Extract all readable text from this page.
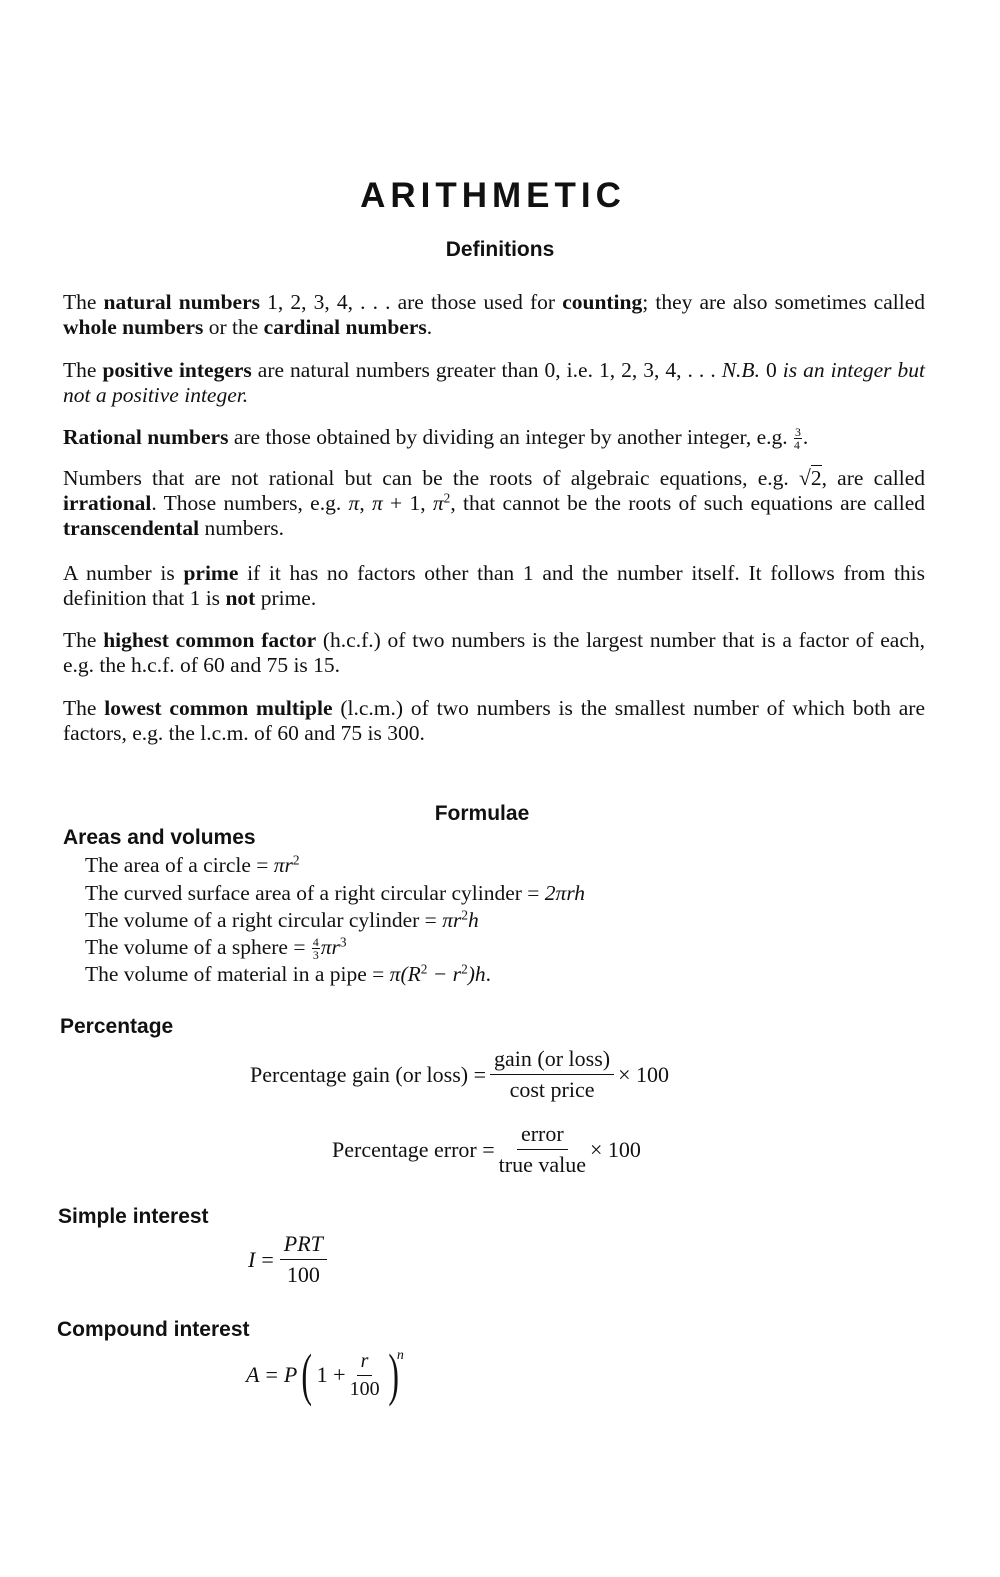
ARITHMETIC
Definitions

The natural numbers 1, 2, 3, 4, . . . are those used for counting; they are also sometimes called whole numbers or the cardinal numbers.

The positive integers are natural numbers greater than 0, i.e. 1, 2, 3, 4, . . . N.B. 0 is an integer but not a positive integer.

Rational numbers are those obtained by dividing an integer by another integer, e.g. $\frac{3}{4}$ .

Numbers that are not rational but can be the roots of algebraic equations, e.g. √2, are called irrational. Those numbers, e.g. π, π + 1, $\pi^2$, that cannot be the roots of such equations are called transcendental numbers.

A number is prime if it has no factors other than 1 and the number itself. It follows from this definition that 1 is not prime.

The highest common factor (h.c.f.) of two numbers is the largest number that is a factor of each, e.g. the h.c.f. of 60 and 75 is 15.

The lowest common multiple (l.c.m.) of two numbers is the smallest number of which both are factors, e.g. the l.c.m. of 60 and 75 is 300.

Formulae
Areas and volumes
The area of a circle = $\pi r^2$
The curved surface area of a right circular cylinder = 2πrh
The volume of a right circular cylinder = $\pi r^2h$
The volume of a sphere = $\frac{4}{3} \pi r^3$
The volume of material in a pipe = $\pi(R^2 - r^2)h$.
Percentage
Percentage gain (or loss) = $\frac{\text{gain (or loss)}}{\text{cost price}} \times 100$
Percentage error = $\frac{\text{error}}{\text{true value}} \times 100$
Simple interest
$I = \frac{\text{PRT}}{100}$
Compound interest
A = P ( $1 + \frac{r}{100}$ )
n
